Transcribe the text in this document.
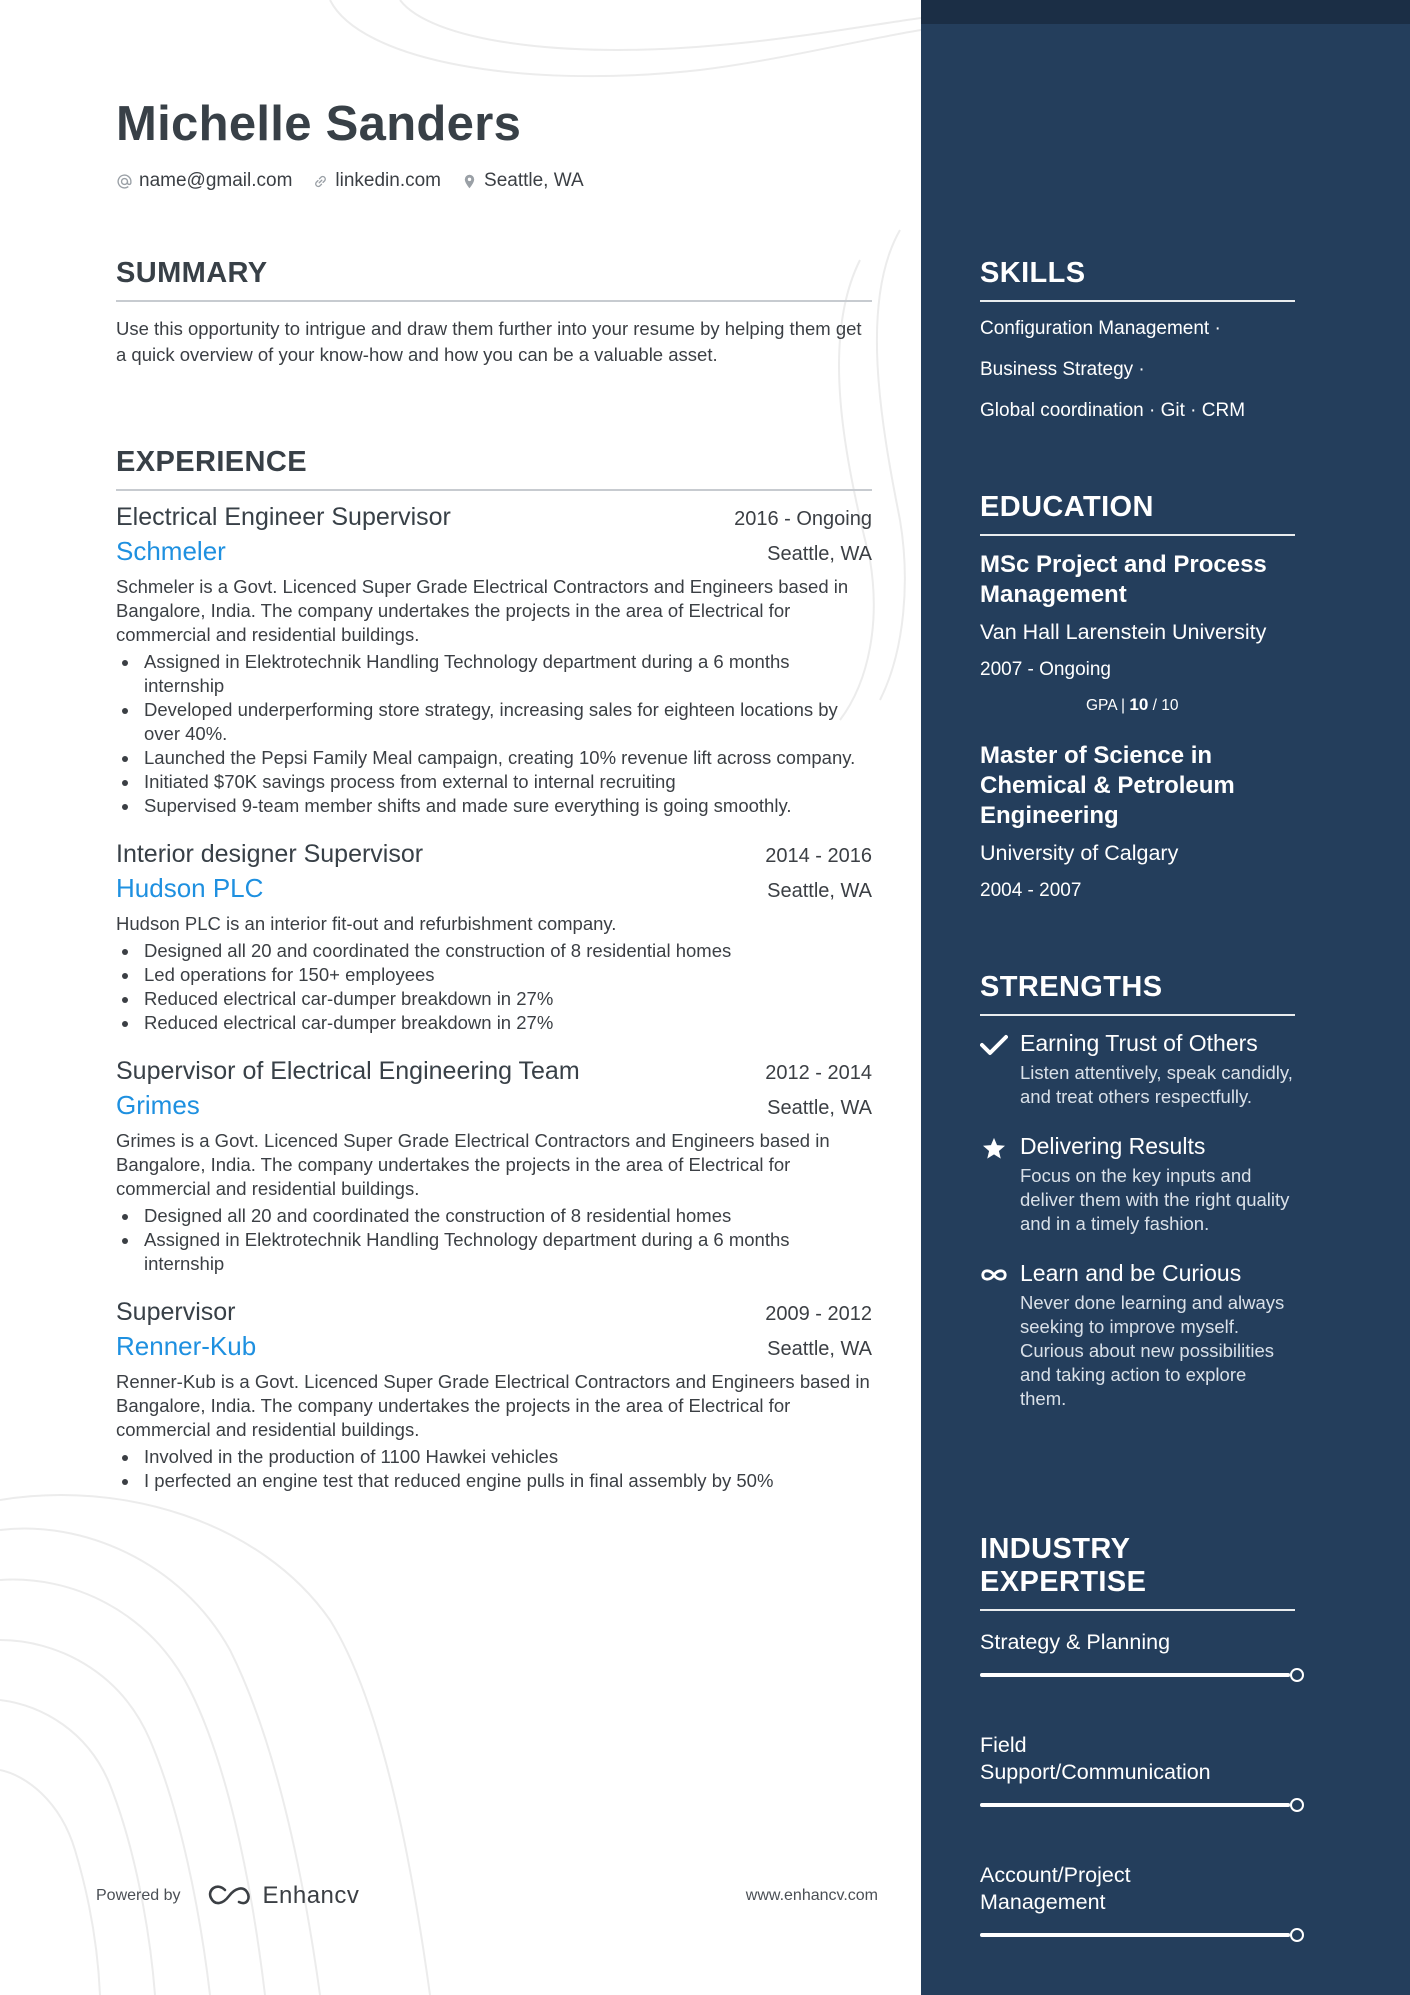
Michelle Sanders
name@gmail.com linkedin.com Seattle, WA
SUMMARY

Use this opportunity to intrigue and draw them further into your resume by helping them get a quick overview of your know-how and how you can be a valuable asset.

EXPERIENCE
Electrical Engineer Supervisor	2016 - Ongoing
Schmeler	Seattle, WA

Schmeler is a Govt. Licenced Super Grade Electrical Contractors and Engineers based in Bangalore, India. The company undertakes the projects in the area of Electrical for commercial and residential buildings.

Assigned in Elektrotechnik Handling Technology department during a 6 months internship
Developed underperforming store strategy, increasing sales for eighteen locations by over 40%.
Launched the Pepsi Family Meal campaign, creating 10% revenue lift across company.
Initiated $70K savings process from external to internal recruiting
Supervised 9-team member shifts and made sure everything is going smoothly.
Interior designer Supervisor	2014 - 2016
Hudson PLC	Seattle, WA

Hudson PLC is an interior fit-out and refurbishment company.

Designed all 20 and coordinated the construction of 8 residential homes
Led operations for 150+ employees
Reduced electrical car-dumper breakdown in 27%
Reduced electrical car-dumper breakdown in 27%
Supervisor of Electrical Engineering Team	2012 - 2014
Grimes	Seattle, WA

Grimes is a Govt. Licenced Super Grade Electrical Contractors and Engineers based in Bangalore, India. The company undertakes the projects in the area of Electrical for commercial and residential buildings.

Designed all 20 and coordinated the construction of 8 residential homes
Assigned in Elektrotechnik Handling Technology department during a 6 months internship
Supervisor	2009 - 2012
Renner-Kub	Seattle, WA

Renner-Kub is a Govt. Licenced Super Grade Electrical Contractors and Engineers based in Bangalore, India. The company undertakes the projects in the area of Electrical for commercial and residential buildings.

Involved in the production of 1100 Hawkei vehicles
I perfected an engine test that reduced engine pulls in final assembly by 50%
Powered by	Enhancv	www.enhancv.com
SKILLS
Configuration Management ·
Business Strategy ·
Global coordination · Git · CRM
EDUCATION
MSc Project and Process Management
Van Hall Larenstein University
2007 - Ongoing
GPA | 10 / 10
Master of Science in Chemical & Petroleum Engineering
University of Calgary
2004 - 2007
STRENGTHS
Earning Trust of Others
Listen attentively, speak candidly, and treat others respectfully.
Delivering Results
Focus on the key inputs and deliver them with the right quality and in a timely fashion.
Learn and be Curious
Never done learning and always seeking to improve myself. Curious about new possibilities and taking action to explore them.
INDUSTRY EXPERTISE
Strategy & Planning
Field Support/Communication
Account/Project Management
